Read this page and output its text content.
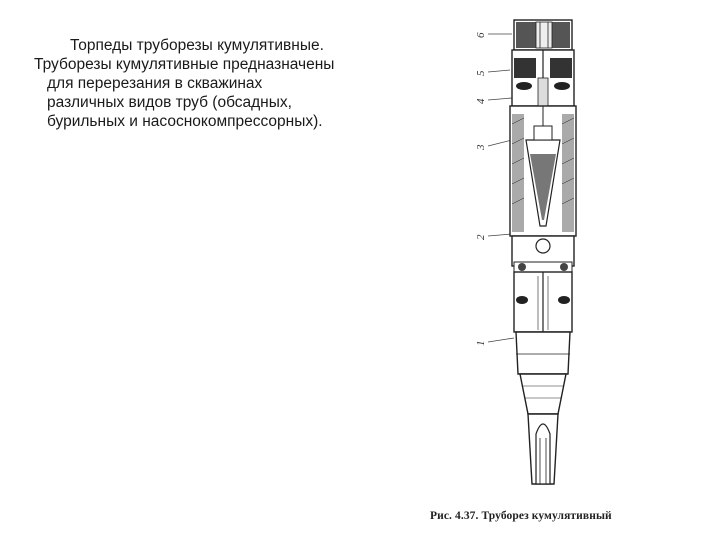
Торпеды труборезы кумулятивные.
Труборезы кумулятивные предназначены
для перерезания в скважинах
различных видов труб (обсадных,
бурильных и насоснокомпрессорных).
6
5
4
3
2
1
Рис. 4.37. Труборез кумулятивный
